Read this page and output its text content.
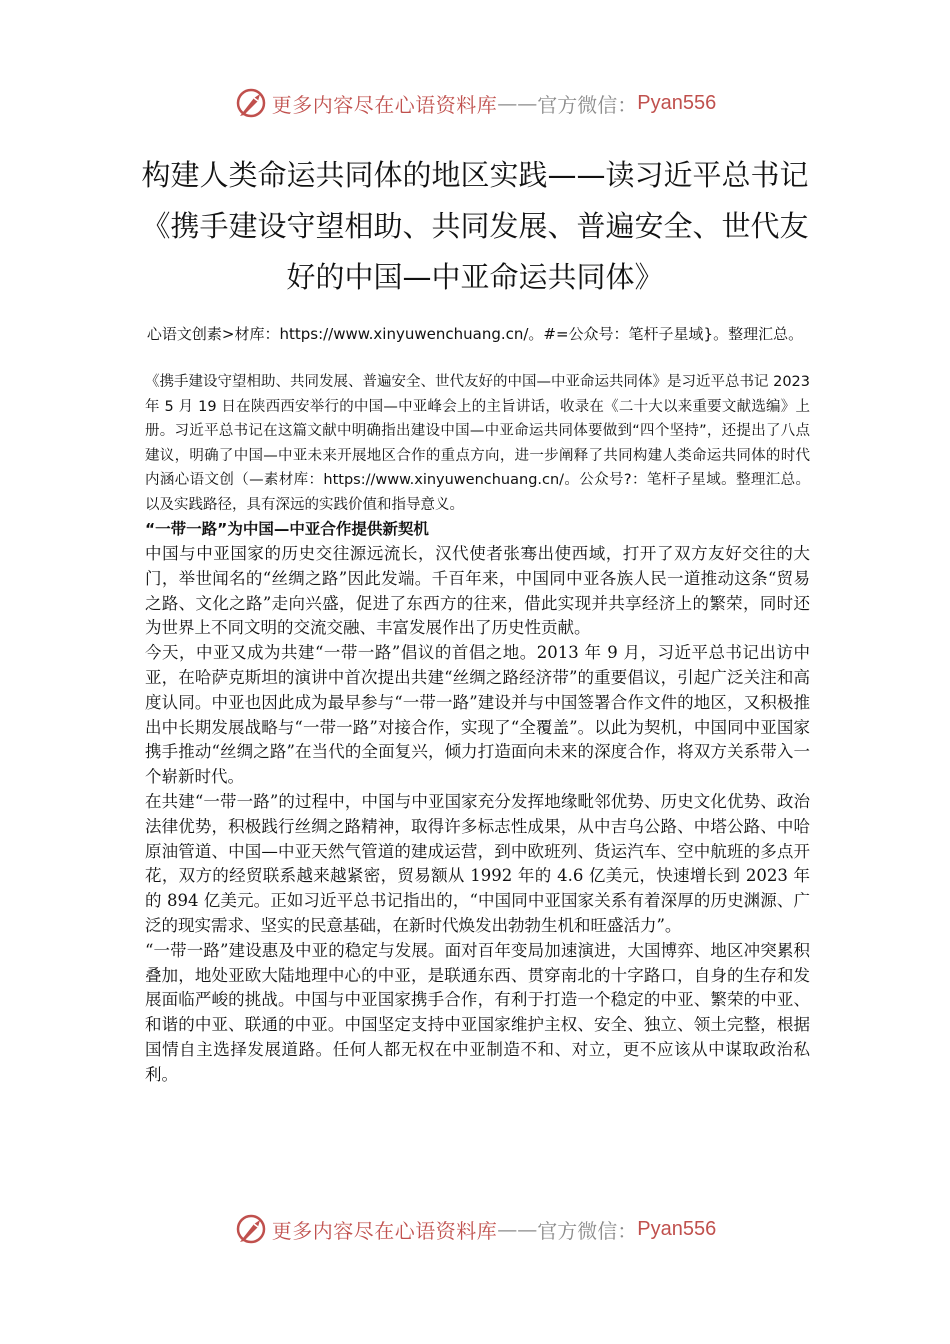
更多内容尽在心语资料库 —— 官方微信： Pyan556
构建人类命运共同体的地区实践——读习近平总书记《携手建设守望相助、共同发展、普遍安全、世代友好的中国—中亚命运共同体》
心语文创素>材库：https://www.xinyuwenchuang.cn/。#=公众号：笔杆子星域}。整理汇总。

《携手建设守望相助、共同发展、普遍安全、世代友好的中国—中亚命运共同体》是习近平总书记 2023 年 5 月 19 日在陕西西安举行的中国—中亚峰会上的主旨讲话，收录在《二十大以来重要文献选编》上册。习近平总书记在这篇文献中明确指出建设中国—中亚命运共同体要做到“四个坚持”，还提出了八点建议，明确了中国—中亚未来开展地区合作的重点方向，进一步阐释了共同构建人类命运共同体的时代内涵心语文创（—素材库：https://www.xinyuwenchuang.cn/。公众号?：笔杆子星域。整理汇总。以及实践路径，具有深远的实践价值和指导意义。

“一带一路”为中国—中亚合作提供新契机

中国与中亚国家的历史交往源远流长，汉代使者张骞出使西域，打开了双方友好交往的大门，举世闻名的“丝绸之路”因此发端。千百年来，中国同中亚各族人民一道推动这条“贸易之路、文化之路”走向兴盛，促进了东西方的往来，借此实现并共享经济上的繁荣，同时还为世界上不同文明的交流交融、丰富发展作出了历史性贡献。

今天，中亚又成为共建“一带一路”倡议的首倡之地。2013 年 9 月，习近平总书记出访中亚，在哈萨克斯坦的演讲中首次提出共建“丝绸之路经济带”的重要倡议，引起广泛关注和高度认同。中亚也因此成为最早参与“一带一路”建设并与中国签署合作文件的地区，又积极推出中长期发展战略与“一带一路”对接合作，实现了“全覆盖”。以此为契机，中国同中亚国家携手推动“丝绸之路”在当代的全面复兴，倾力打造面向未来的深度合作，将双方关系带入一个崭新时代。

在共建“一带一路”的过程中，中国与中亚国家充分发挥地缘毗邻优势、历史文化优势、政治法律优势，积极践行丝绸之路精神，取得许多标志性成果，从中吉乌公路、中塔公路、中哈原油管道、中国—中亚天然气管道的建成运营，到中欧班列、货运汽车、空中航班的多点开花，双方的经贸联系越来越紧密，贸易额从 1992 年的 4.6 亿美元，快速增长到 2023 年的 894 亿美元。正如习近平总书记指出的，“中国同中亚国家关系有着深厚的历史渊源、广泛的现实需求、坚实的民意基础，在新时代焕发出勃勃生机和旺盛活力”。

“一带一路”建设惠及中亚的稳定与发展。面对百年变局加速演进，大国博弈、地区冲突累积叠加，地处亚欧大陆地理中心的中亚，是联通东西、贯穿南北的十字路口，自身的生存和发展面临严峻的挑战。中国与中亚国家携手合作，有利于打造一个稳定的中亚、繁荣的中亚、和谐的中亚、联通的中亚。中国坚定支持中亚国家维护主权、安全、独立、领土完整，根据国情自主选择发展道路。任何人都无权在中亚制造不和、对立，更不应该从中谋取政治私利。

更多内容尽在心语资料库 —— 官方微信： Pyan556
